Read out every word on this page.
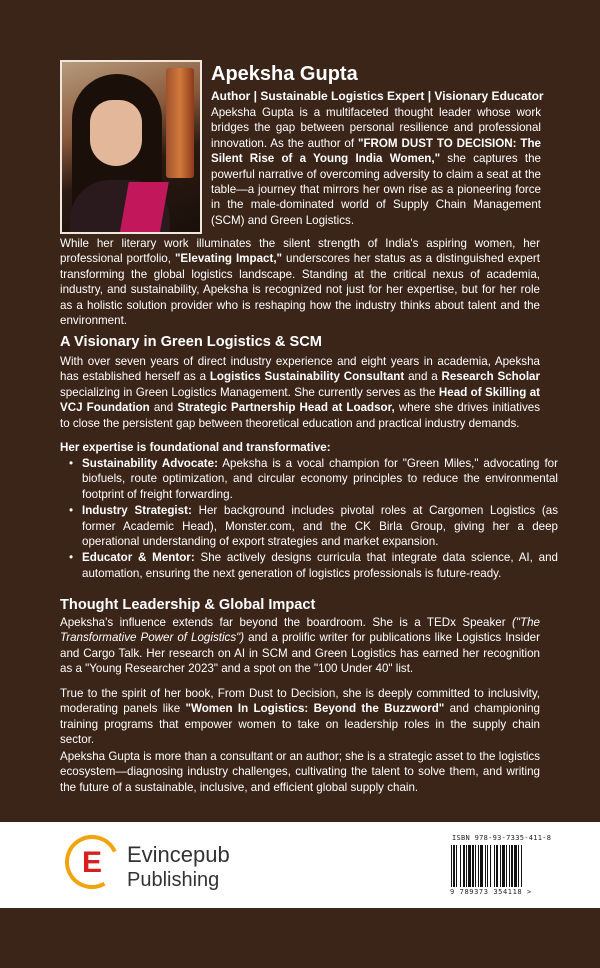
Apeksha Gupta
Author | Sustainable Logistics Expert | Visionary Educator
Apeksha Gupta is a multifaceted thought leader whose work bridges the gap between personal resilience and professional innovation. As the author of "FROM DUST TO DECISION: The Silent Rise of a Young India Women," she captures the powerful narrative of overcoming adversity to claim a seat at the table—a journey that mirrors her own rise as a pioneering force in the male-dominated world of Supply Chain Management (SCM) and Green Logistics.
While her literary work illuminates the silent strength of India's aspiring women, her professional portfolio, "Elevating Impact," underscores her status as a distinguished expert transforming the global logistics landscape. Standing at the critical nexus of academia, industry, and sustainability, Apeksha is recognized not just for her expertise, but for her role as a holistic solution provider who is reshaping how the industry thinks about talent and the environment.
A Visionary in Green Logistics & SCM
With over seven years of direct industry experience and eight years in academia, Apeksha has established herself as a Logistics Sustainability Consultant and a Research Scholar specializing in Green Logistics Management. She currently serves as the Head of Skilling at VCJ Foundation and Strategic Partnership Head at Loadsor, where she drives initiatives to close the persistent gap between theoretical education and practical industry demands.
Her expertise is foundational and transformative:
• Sustainability Advocate: Apeksha is a vocal champion for "Green Miles," advocating for biofuels, route optimization, and circular economy principles to reduce the environmental footprint of freight forwarding.
• Industry Strategist: Her background includes pivotal roles at Cargomen Logistics (as former Academic Head), Monster.com, and the CK Birla Group, giving her a deep operational understanding of export strategies and market expansion.
• Educator & Mentor: She actively designs curricula that integrate data science, AI, and automation, ensuring the next generation of logistics professionals is future-ready.
Thought Leadership & Global Impact
Apeksha's influence extends far beyond the boardroom. She is a TEDx Speaker ("The Transformative Power of Logistics") and a prolific writer for publications like Logistics Insider and Cargo Talk. Her research on AI in SCM and Green Logistics has earned her recognition as a "Young Researcher 2023" and a spot on the "100 Under 40" list.
True to the spirit of her book, From Dust to Decision, she is deeply committed to inclusivity, moderating panels like "Women In Logistics: Beyond the Buzzword" and championing training programs that empower women to take on leadership roles in the supply chain sector.
Apeksha Gupta is more than a consultant or an author; she is a strategic asset to the logistics ecosystem—diagnosing industry challenges, cultivating the talent to solve them, and writing the future of a sustainable, inclusive, and efficient global supply chain.
E Evincepub
Publishing
ISBN 978-93-7335-411-8
9 789373 354118 >
